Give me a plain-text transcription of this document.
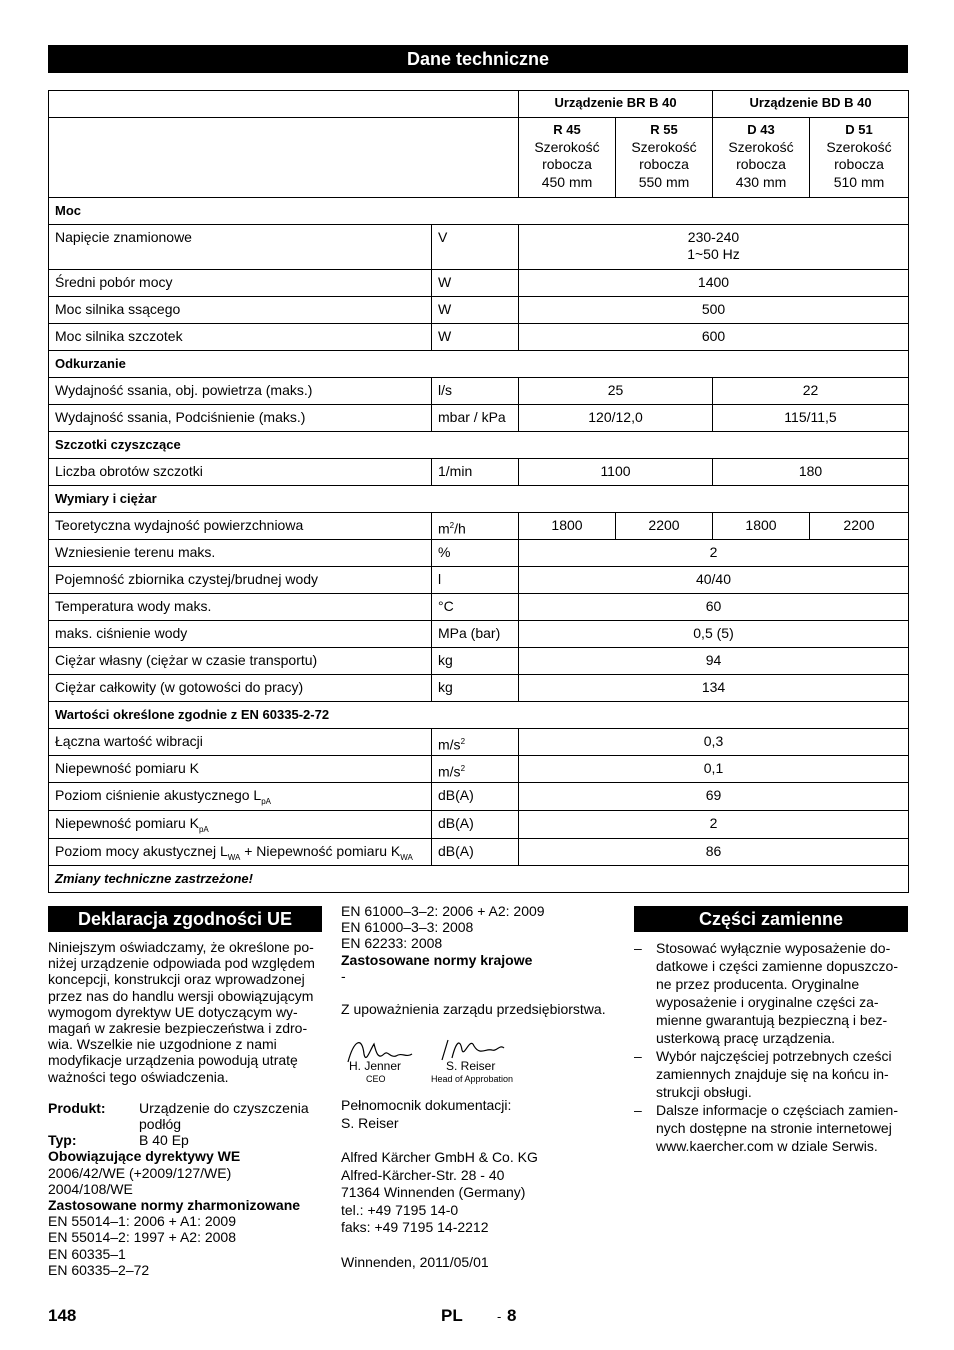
Dane techniczne
		Urządzenie BR B 40		Urządzenie BD B 40	
		R 45
Szerokość
robocza
450 mm	R 55
Szerokość
robocza
550 mm	D 43
Szerokość
robocza
430 mm	D 51
Szerokość
robocza
510 mm
Moc					
Napięcie znamionowe	V	230-240
1~50 Hz			
Średni pobór mocy	W	1400			
Moc silnika ssącego	W	500			
Moc silnika szczotek	W	600			
Odkurzanie					
Wydajność ssania, obj. powietrza (maks.)	l/s	25		22	
Wydajność ssania, Podciśnienie (maks.)	mbar / kPa	120/12,0		115/11,5	
Szczotki czyszczące					
Liczba obrotów szczotki	1/min	1100		180	
Wymiary i ciężar					
Teoretyczna wydajność powierzchniowa	$m^2/h$	1800	2200	1800	2200
Wzniesienie terenu maks.	%	2			
Pojemność zbiornika czystej/brudnej wody	l	40/40			
Temperatura wody maks.	°C	60			
maks. ciśnienie wody	MPa (bar)	0,5 (5)			
Ciężar własny (ciężar w czasie transportu)	kg	94			
Ciężar całkowity (w gotowości do pracy)	kg	134			
Wartości określone zgodnie z EN 60335-2-72					
Łączna wartość wibracji	$m/s^2$	0,3			
Niepewność pomiaru K	$m/s^2$	0,1			
Poziom ciśnienie akustycznego $L_{pA}$	dB(A)	69			
Niepewność pomiaru $K_{pA}$	dB(A)	2			
Poziom mocy akustycznej $L_{WA}$ + Niepewność pomiaru $K_{WA}$	dB(A)	86			
Zmiany techniczne zastrzeżone!					
Deklaracja zgodności UE
Niniejszym oświadczamy, że określone po-niżej urządzenie odpowiada pod względem koncepcji, konstrukcji oraz wprowadzonej przez nas do handlu wersji obowiązującym wymogom dyrektyw UE dotyczącym wy-magań w zakresie bezpieczeństwa i zdro-wia. Wszelkie nie uzgodnione z nami modyfikacje urządzenia powodują utratę ważności tego oświadczenia.
Produkt:	Urządzenie do czyszczenia podłóg
Typ:	B 40 Ep
Obowiązujące dyrektywy WE
2006/42/WE (+2009/127/WE)
2004/108/WE
Zastosowane normy zharmonizowane
EN 55014–1: 2006 + A1: 2009
EN 55014–2: 1997 + A2: 2008
EN 60335–1
EN 60335–2–72
EN 61000–3–2: 2006 + A2: 2009
EN 61000–3–3: 2008
EN 62233: 2008
Zastosowane normy krajowe
-
Z upoważnienia zarządu przedsiębiorstwa.
H. Jenner
CEO
S. Reiser
Head of Approbation
Pełnomocnik dokumentacji:
S. Reiser
Alfred Kärcher GmbH & Co. KG
Alfred-Kärcher-Str. 28 - 40
71364 Winnenden (Germany)
tel.: +49 7195 14-0
faks: +49 7195 14-2212
Winnenden, 2011/05/01
Części zamienne
– Stosować wyłącznie wyposażenie do-datkowe i części zamienne dopuszczo-ne przez producenta. Oryginalne wyposażenie i oryginalne części za-mienne gwarantują bezpieczną i bez-usterkową pracę urządzenia.
– Wybór najczęściej potrzebnych cześci zamiennych znajduje się na końcu in-strukcji obsługi.
– Dalsze informacje o częściach zamien-nych dostępne na stronie internetowej www.kaercher.com w dziale Serwis.
148	PL	- 8
